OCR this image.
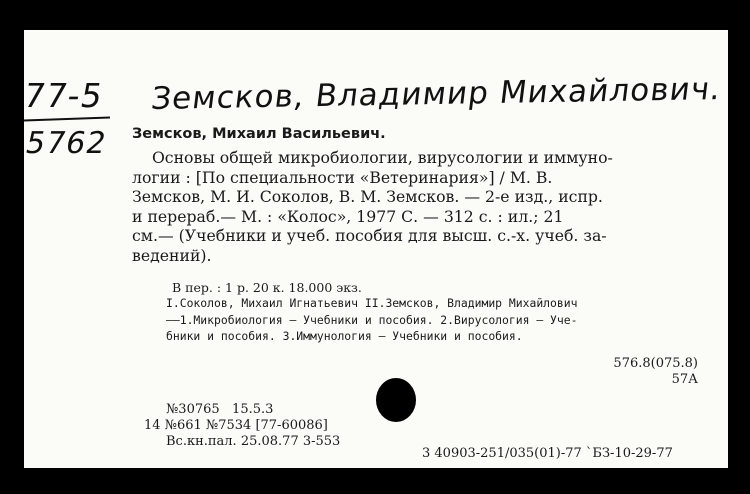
77-5
5762
Земсков, Владимир Михайлович.
Земсков, Михаил Васильевич.
Основы общей микробиологии, вирусологии и иммуно-
логии : [По специальности «Ветеринария»] / М. В.
Земсков, М. И. Соколов, В. М. Земсков. — 2-е изд., испр.
и перераб.— М. : «Колос», 1977 С. — 312 с. : ил.; 21
см.— (Учебники и учеб. пособия для высш. с.-х. учеб. за-
ведений).
В пер. : 1 р. 20 к. 18.000 экз.
I.Соколов, Михаил Игнатьевич II.Земсков, Владимир Михайлович
——1.Микробиология — Учебники и пособия. 2.Вирусология — Уче-
бники и пособия. 3.Иммунология — Учебники и пособия.
576.8(075.8)
57А
№30765   15.5.3
14 №661 №7534 [77-60086]
Вс.кн.пал. 25.08.77 3-553
3 40903-251/035(01)-77 `БЗ-10-29-77
